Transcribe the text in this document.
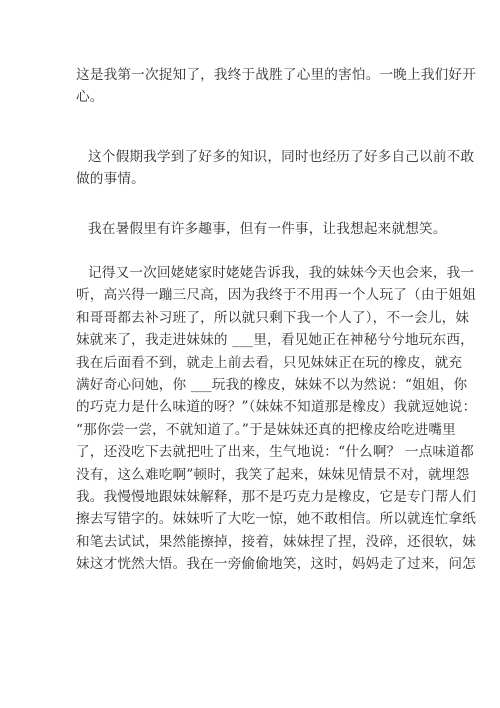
这是我第一次捉知了，我终于战胜了心里的害怕。一晚上我们好开
心。

这个假期我学到了好多的知识，同时也经历了好多自己以前不敢
做的事情。

我在暑假里有许多趣事，但有一件事，让我想起来就想笑。

记得又一次回姥姥家时姥姥告诉我，我的妹妹今天也会来，我一
听，高兴得一蹦三尺高，因为我终于不用再一个人玩了（由于姐姐
和哥哥都去补习班了，所以就只剩下我一个人了），不一会儿，妹
妹就来了，我走进妹妹的 ___里，看见她正在神秘兮兮地玩东西，
我在后面看不到，就走上前去看，只见妹妹正在玩的橡皮，就充
满好奇心问她，你 ___玩我的橡皮，妹妹不以为然说：“姐姐，你
的巧克力是什么味道的呀？”（妹妹不知道那是橡皮）我就逗她说：
“那你尝一尝，不就知道了。”于是妹妹还真的把橡皮给吃进嘴里
了，还没吃下去就把吐了出来，生气地说：“什么啊？ 一点味道都
没有，这么难吃啊”顿时，我笑了起来，妹妹见情景不对，就埋怨
我。我慢慢地跟妹妹解释，那不是巧克力是橡皮，它是专门帮人们
擦去写错字的。妹妹听了大吃一惊，她不敢相信。所以就连忙拿纸
和笔去试试，果然能擦掉，接着，妹妹捏了捏，没碎，还很软，妹
妹这才恍然大悟。我在一旁偷偷地笑，这时，妈妈走了过来，问怎
